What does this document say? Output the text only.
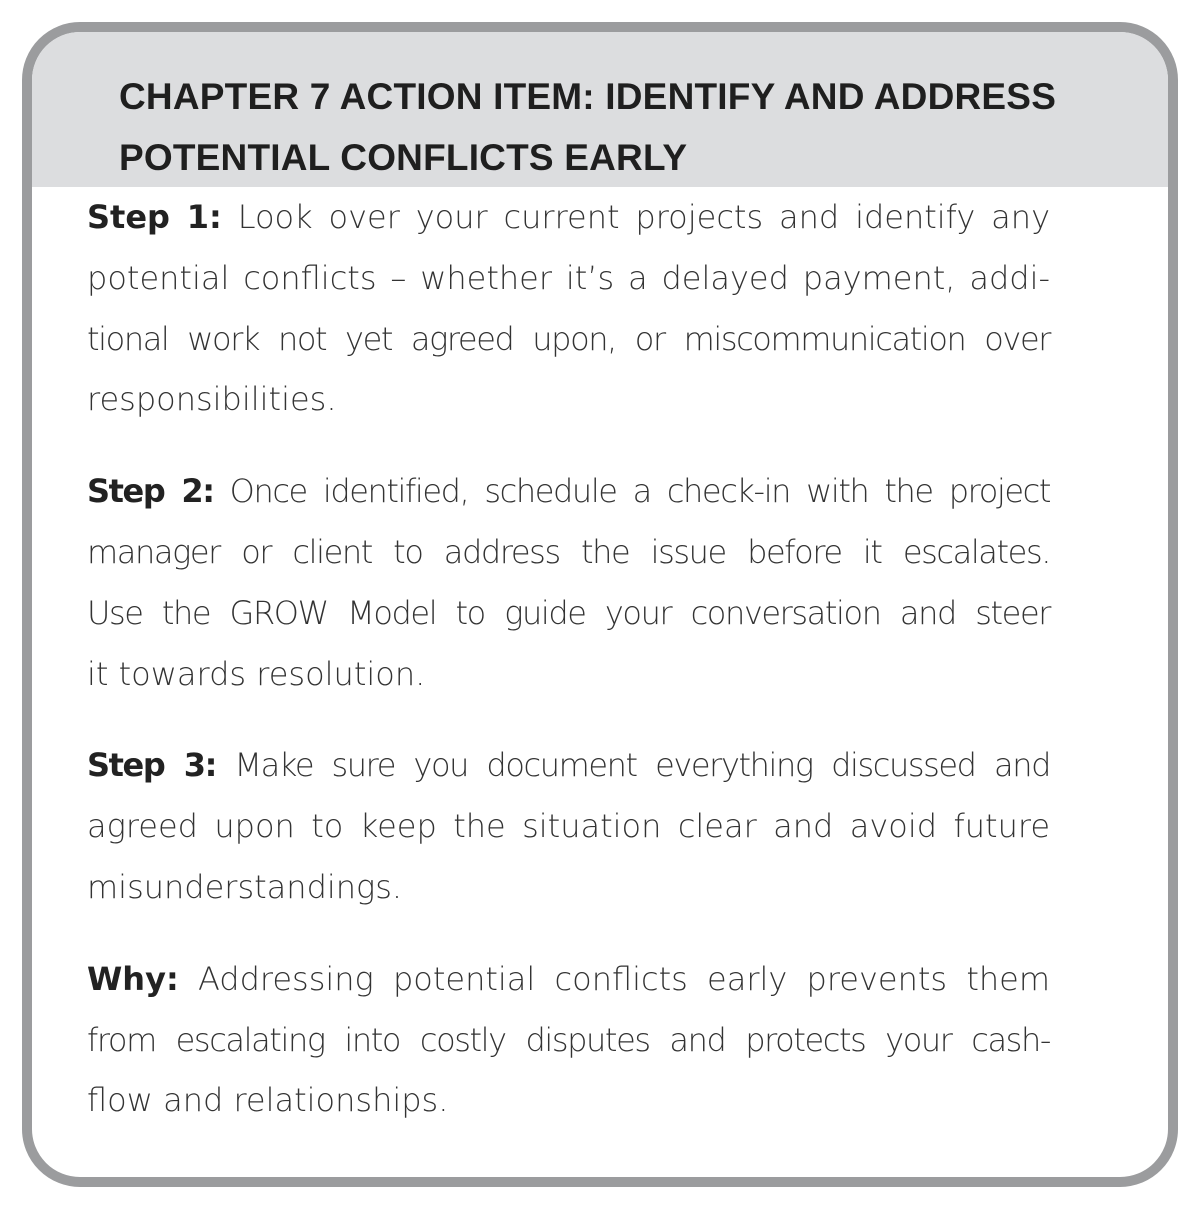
CHAPTER 7 ACTION ITEM: IDENTIFY AND ADDRESS
POTENTIAL CONFLICTS EARLY

Step 1: Look over your current projects and identify any
potential conflicts – whether it’s a delayed payment, addi-
tional work not yet agreed upon, or miscommunication over
responsibilities.

Step 2: Once identified, schedule a check-in with the project
manager or client to address the issue before it escalates.
Use the GROW Model to guide your conversation and steer
it towards resolution.

Step 3: Make sure you document everything discussed and
agreed upon to keep the situation clear and avoid future
misunderstandings.

Why: Addressing potential conflicts early prevents them
from escalating into costly disputes and protects your cash-
flow and relationships.
